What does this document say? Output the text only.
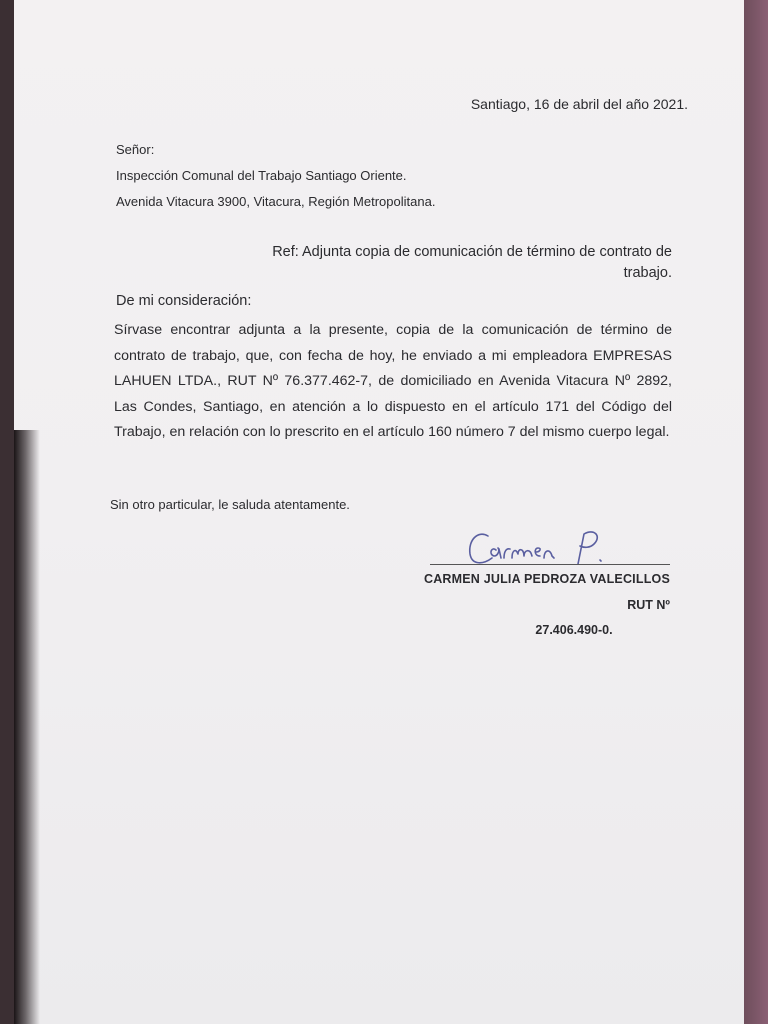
Santiago, 16 de abril del año 2021.
Señor:
Inspección Comunal del Trabajo Santiago Oriente.
Avenida Vitacura 3900, Vitacura, Región Metropolitana.
Ref: Adjunta copia de comunicación de término de contrato de trabajo.
De mi consideración:

Sírvase encontrar adjunta a la presente, copia de la comunicación de término de contrato de trabajo, que, con fecha de hoy, he enviado a mi empleadora EMPRESAS LAHUEN LTDA., RUT Nº 76.377.462-7, de domiciliado en Avenida Vitacura Nº 2892, Las Condes, Santiago, en atención a lo dispuesto en el artículo 171 del Código del Trabajo, en relación con lo prescrito en el artículo 160 número 7 del mismo cuerpo legal.

Sin otro particular, le saluda atentamente.
CARMEN JULIA PEDROZA VALECILLOS
RUT Nº
27.406.490-0.
